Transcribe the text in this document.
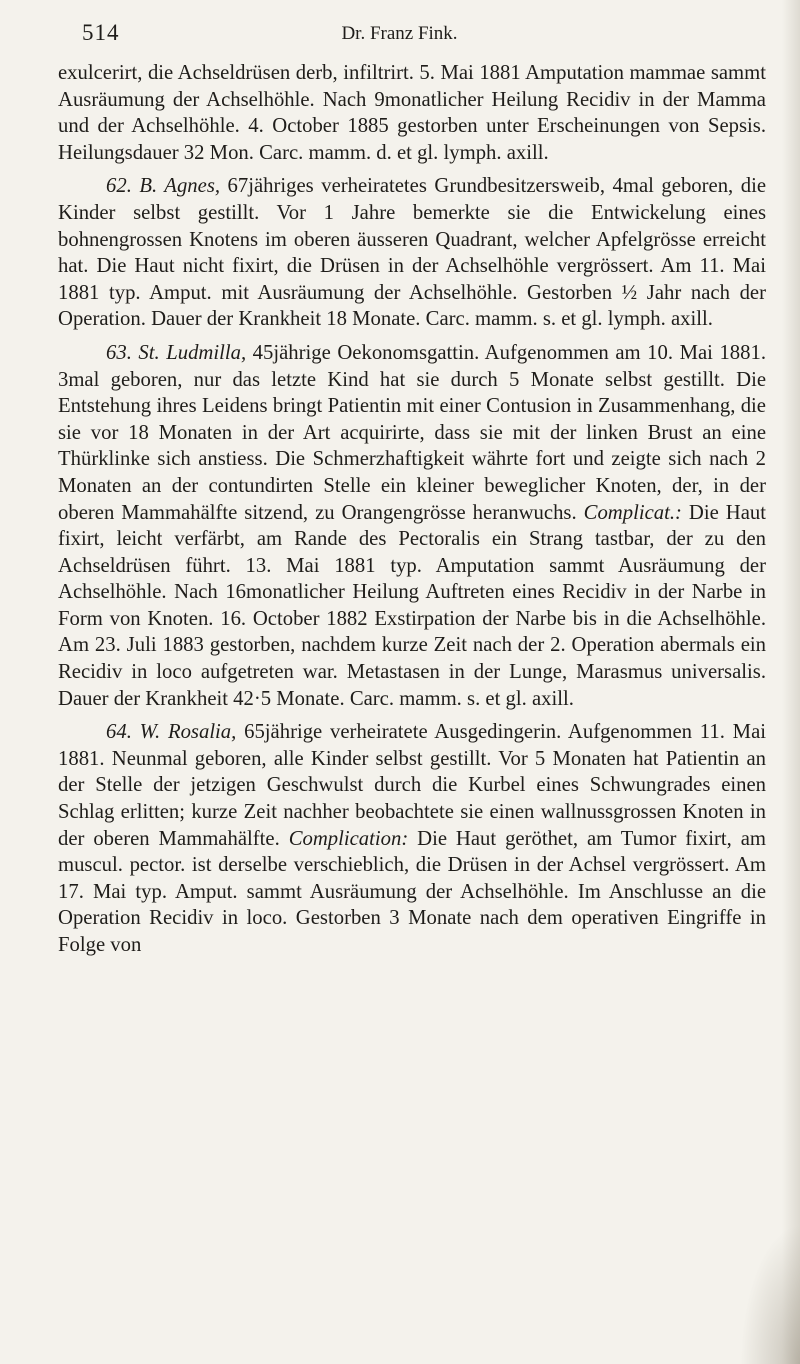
514	Dr. Franz Fink.

exulcerirt, die Achseldrüsen derb, infiltrirt. 5. Mai 1881 Amputation mammae sammt Ausräumung der Achselhöhle. Nach 9monatlicher Heilung Recidiv in der Mamma und der Achselhöhle. 4. October 1885 gestorben unter Erscheinungen von Sepsis. Heilungsdauer 32 Mon. Carc. mamm. d. et gl. lymph. axill.

62. B. Agnes, 67jähriges verheiratetes Grundbesitzersweib, 4mal geboren, die Kinder selbst gestillt. Vor 1 Jahre bemerkte sie die Entwickelung eines bohnengrossen Knotens im oberen äusseren Quadrant, welcher Apfelgrösse erreicht hat. Die Haut nicht fixirt, die Drüsen in der Achselhöhle vergrössert. Am 11. Mai 1881 typ. Amput. mit Ausräumung der Achselhöhle. Gestorben ½ Jahr nach der Operation. Dauer der Krankheit 18 Monate. Carc. mamm. s. et gl. lymph. axill.

63. St. Ludmilla, 45jährige Oekonomsgattin. Aufgenommen am 10. Mai 1881. 3mal geboren, nur das letzte Kind hat sie durch 5 Monate selbst gestillt. Die Entstehung ihres Leidens bringt Patientin mit einer Contusion in Zusammenhang, die sie vor 18 Monaten in der Art acquirirte, dass sie mit der linken Brust an eine Thürklinke sich anstiess. Die Schmerzhaftigkeit währte fort und zeigte sich nach 2 Monaten an der contundirten Stelle ein kleiner beweglicher Knoten, der, in der oberen Mammahälfte sitzend, zu Orangengrösse heranwuchs. Complicat.: Die Haut fixirt, leicht verfärbt, am Rande des Pectoralis ein Strang tastbar, der zu den Achseldrüsen führt. 13. Mai 1881 typ. Amputation sammt Ausräumung der Achselhöhle. Nach 16monatlicher Heilung Auftreten eines Recidiv in der Narbe in Form von Knoten. 16. October 1882 Exstirpation der Narbe bis in die Achselhöhle. Am 23. Juli 1883 gestorben, nachdem kurze Zeit nach der 2. Operation abermals ein Recidiv in loco aufgetreten war. Metastasen in der Lunge, Marasmus universalis. Dauer der Krankheit 42·5 Monate. Carc. mamm. s. et gl. axill.

64. W. Rosalia, 65jährige verheiratete Ausgedingerin. Aufgenommen 11. Mai 1881. Neunmal geboren, alle Kinder selbst gestillt. Vor 5 Monaten hat Patientin an der Stelle der jetzigen Geschwulst durch die Kurbel eines Schwungrades einen Schlag erlitten; kurze Zeit nachher beobachtete sie einen wallnussgrossen Knoten in der oberen Mammahälfte. Complication: Die Haut geröthet, am Tumor fixirt, am muscul. pector. ist derselbe verschieblich, die Drüsen in der Achsel vergrössert. Am 17. Mai typ. Amput. sammt Ausräumung der Achselhöhle. Im Anschlusse an die Operation Recidiv in loco. Gestorben 3 Monate nach dem operativen Eingriffe in Folge von
